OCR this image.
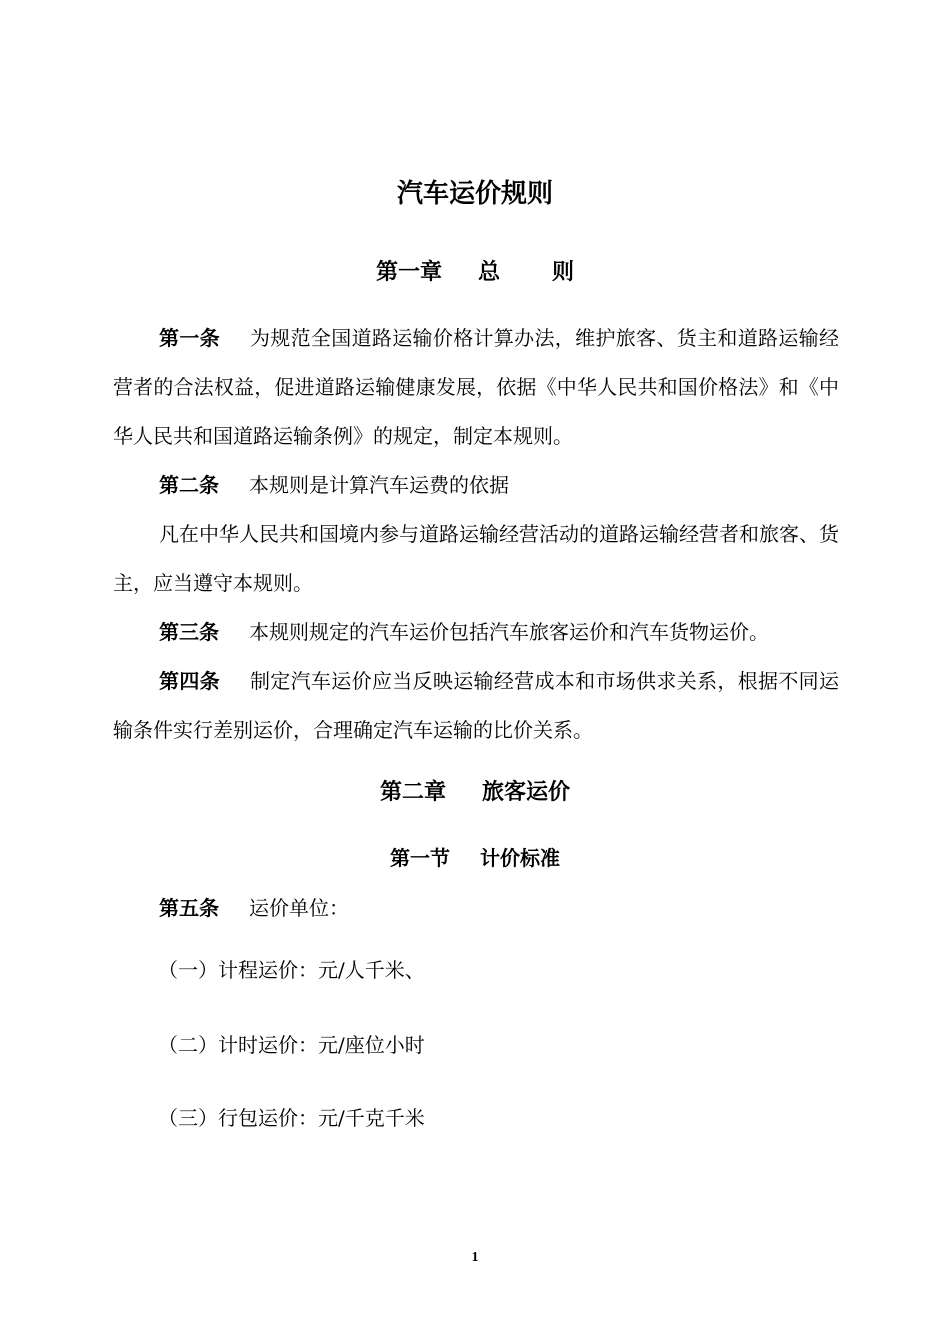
汽车运价规则
第一章 总 则

第一条 为规范全国道路运输价格计算办法，维护旅客、货主和道路运输经营者的合法权益，促进道路运输健康发展，依据《中华人民共和国价格法》和《中华人民共和国道路运输条例》的规定，制定本规则。

第二条 本规则是计算汽车运费的依据

凡在中华人民共和国境内参与道路运输经营活动的道路运输经营者和旅客、货主，应当遵守本规则。

第三条 本规则规定的汽车运价包括汽车旅客运价和汽车货物运价。

第四条 制定汽车运价应当反映运输经营成本和市场供求关系，根据不同运输条件实行差别运价，合理确定汽车运输的比价关系。

第二章 旅客运价
第一节 计价标准

第五条 运价单位：

（一）计程运价：元/人千米、
（二）计时运价：元/座位小时
（三）行包运价：元/千克千米
1
